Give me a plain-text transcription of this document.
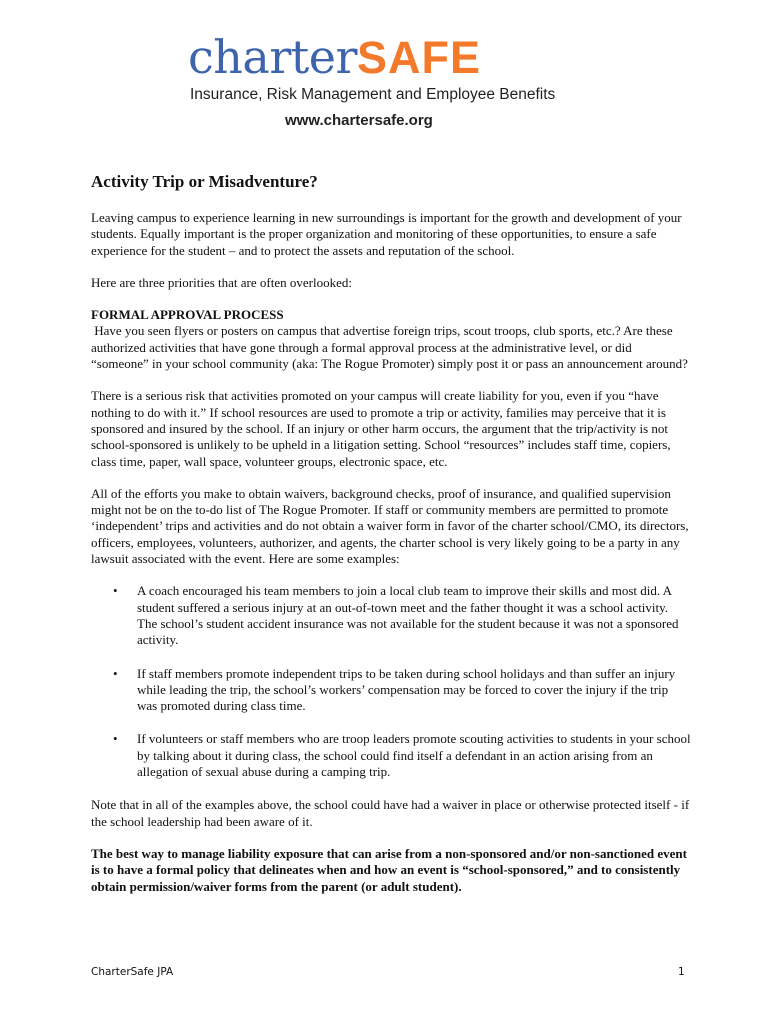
charterSAFE
Insurance, Risk Management and Employee Benefits
www.chartersafe.org
Activity Trip or Misadventure?

Leaving campus to experience learning in new surroundings is important for the growth and development of your students. Equally important is the proper organization and monitoring of these opportunities, to ensure a safe experience for the student – and to protect the assets and reputation of the school.

Here are three priorities that are often overlooked:

FORMAL APPROVAL PROCESS

Have you seen flyers or posters on campus that advertise foreign trips, scout troops, club sports, etc.? Are these authorized activities that have gone through a formal approval process at the administrative level, or did “someone” in your school community (aka: The Rogue Promoter) simply post it or pass an announcement around?

There is a serious risk that activities promoted on your campus will create liability for you, even if you “have nothing to do with it.” If school resources are used to promote a trip or activity, families may perceive that it is sponsored and insured by the school. If an injury or other harm occurs, the argument that the trip/activity is not school-sponsored is unlikely to be upheld in a litigation setting. School “resources” includes staff time, copiers, class time, paper, wall space, volunteer groups, electronic space, etc.

All of the efforts you make to obtain waivers, background checks, proof of insurance, and qualified supervision might not be on the to-do list of The Rogue Promoter. If staff or community members are permitted to promote ‘independent’ trips and activities and do not obtain a waiver form in favor of the charter school/CMO, its directors, officers, employees, volunteers, authorizer, and agents, the charter school is very likely going to be a party in any lawsuit associated with the event. Here are some examples:

• A coach encouraged his team members to join a local club team to improve their skills and most did. A student suffered a serious injury at an out-of-town meet and the father thought it was a school activity. The school’s student accident insurance was not available for the student because it was not a sponsored activity.
• If staff members promote independent trips to be taken during school holidays and than suffer an injury while leading the trip, the school’s workers’ compensation may be forced to cover the injury if the trip was promoted during class time.
• If volunteers or staff members who are troop leaders promote scouting activities to students in your school by talking about it during class, the school could find itself a defendant in an action arising from an allegation of sexual abuse during a camping trip.

Note that in all of the examples above, the school could have had a waiver in place or otherwise protected itself - if the school leadership had been aware of it.

The best way to manage liability exposure that can arise from a non-sponsored and/or non-sanctioned event is to have a formal policy that delineates when and how an event is “school-sponsored,” and to consistently obtain permission/waiver forms from the parent (or adult student).

CharterSafe JPA	1
